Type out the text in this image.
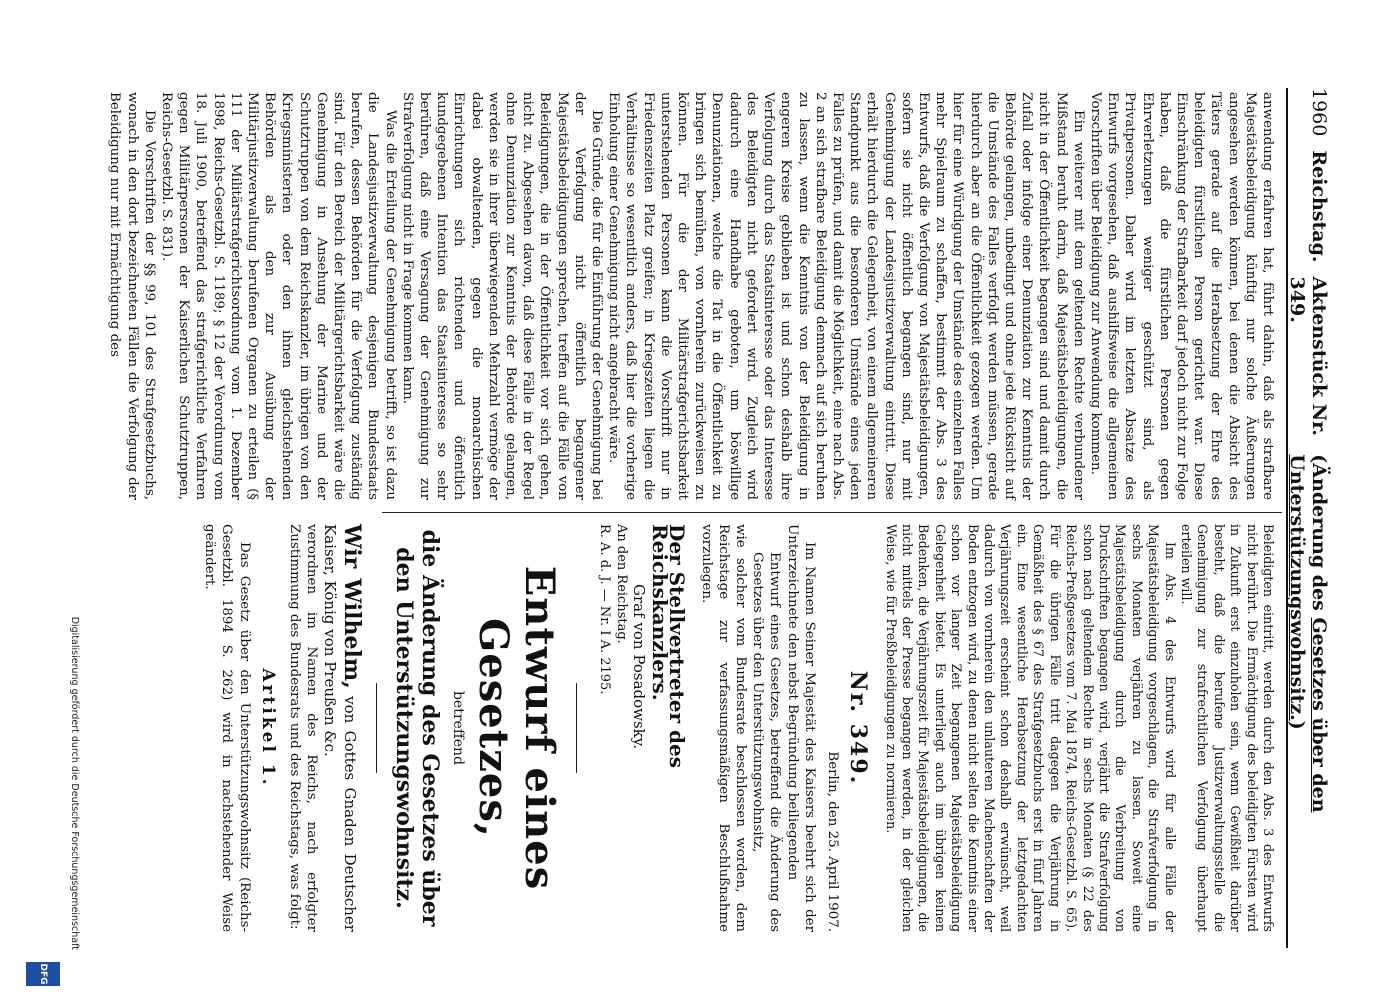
1960
Reichstag.
Aktenstück Nr. 349.
(Änderung des Gesetzes über den Unterstützungswohnsitz.)

anwendung erfahren hat, führt dahin, daß als strafbare Majestätsbeleidigung künftig nur solche Äußerungen angesehen werden können, bei denen die Absicht des Täters gerade auf die Herabsetzung der Ehre des beleidigten fürstlichen Person gerichtet war. Diese Einschränkung der Strafbarkeit darf jedoch nicht zur Folge haben, daß die fürstlichen Personen gegen Ehrverletzungen weniger geschützt sind, als Privatpersonen. Daher wird im letzten Absatze des Entwurfs vorgesehen, daß aushilfsweise die allgemeinen Vorschriften über Beleidigung zur Anwendung kommen.

Ein weiterer mit dem geltenden Rechte verbundener Mißstand beruht darin, daß Majestätsbeleidigungen, die nicht in der Öffentlichkeit begangen sind und damit durch Zufall oder infolge einer Denunziation zur Kenntnis der Behörde gelangen, unbedingt und ohne jede Rücksicht auf die Umstände des Falles verfolgt werden müssen, gerade hierdurch aber an die Öffentlichkeit gezogen werden. Um hier für eine Würdigung der Umstände des einzelnen Falles mehr Spielraum zu schaffen, bestimmt der Abs. 3 des Entwurfs, daß die Verfolgung von Majestätsbeleidigungen, sofern sie nicht öffentlich begangen sind, nur mit Genehmigung der Landesjustizverwaltung eintritt. Diese erhält hierdurch die Gelegenheit, von einem allgemeineren Standpunkt aus die besonderen Umstände eines jeden Falles zu prüfen, und damit die Möglichkeit, eine nach Abs. 2 an sich strafbare Beleidigung demnach auf sich beruhen zu lassen, wenn die Kenntnis von der Beleidigung in engeren Kreise geblieben ist und schon deshalb ihre Verfolgung durch das Staatsinteresse oder das Interesse des Beleidigten nicht gefordert wird. Zugleich wird dadurch eine Handhabe geboten, um böswillige Denunziationen, welche die Tat in die Öffentlichkeit zu bringen sich bemühen, von vornherein zurückweisen zu können. Für die der Militärstrafgerichtsbarkeit unterstehenden Personen kann die Vorschrift nur in Friedenszeiten Platz greifen; in Kriegszeiten liegen die Verhältnisse so wesentlich anders, daß hier die vorherige Einholung einer Genehmigung nicht angebracht wäre.

Die Gründe, die für die Einführung der Genehmigung bei der Verfolgung nicht öffentlich begangener Majestätsbeleidigungen sprechen, treffen auf die Fälle von Beleidigungen, die in der Öffentlichkeit vor sich gehen, nicht zu. Abgesehen davon, daß diese Fälle in der Regel ohne Denunziation zur Kenntnis der Behörde gelangen, werden sie in ihrer überwiegenden Mehrzahl vermöge der dabei obwaltenden, gegen die monarchischen Einrichtungen sich richtenden und öffentlich kundgegebenen Intention das Staatsinteresse so sehr berühren, daß eine Versagung der Genehmigung zur Strafverfolgung nicht in Frage kommen kann.

Was die Erteilung der Genehmigung betrifft, so ist dazu die Landesjustizverwaltung desjenigen Bundesstaats berufen, dessen Behörden für die Verfolgung zuständig sind. Für den Bereich der Militärgerichtsbarkeit wäre die Genehmigung in Ansehung der Marine und der Schutztruppen von dem Reichskanzler, im übrigen von den Kriegsministerien oder den ihnen gleichstehenden Behörden als den zur Ausübung der Militärjustizverwaltung berufenen Organen zu erteilen (§ 111 der Militärstrafgerichtsordnung vom 1. Dezember 1898, Reichs-Gesetzbl. S. 1189; § 12 der Verordnung vom 18. Juli 1900, betreffend das strafgerichtliche Verfahren gegen Militärpersonen der Kaiserlichen Schutztruppen, Reichs-Gesetzbl. S. 831).

Die Vorschriften der §§ 99, 101 des Strafgesetzbuchs, wonach in den dort bezeichneten Fällen die Verfolgung der Beleidigung nur mit Ermächtigung des

Beleidigten eintritt, werden durch den Abs. 3 des Entwurfs nicht berührt. Die Ermächtigung des beleidigten Fürsten wird in Zukunft erst einzuholen sein, wenn Gewißheit darüber besteht, daß die berufene Justizverwaltungsstelle die Genehmigung zur strafrechtlichen Verfolgung überhaupt erteilen will.

Im Abs. 4 des Entwurfs wird für alle Fälle der Majestätsbeleidigung vorgeschlagen, die Strafverfolgung in sechs Monaten verjähren zu lassen. Soweit eine Majestätsbeleidigung durch die Verbreitung von Druckschriften begangen wird, verjährt die Strafverfolgung schon nach geltendem Rechte in sechs Monaten (§ 22 des Reichs-Preßgesetzes vom 7. Mai 1874, Reichs-Gesetzbl. S. 65). Für die übrigen Fälle tritt dagegen die Verjährung in Gemäßheit des § 67 des Strafgesetzbuchs erst in fünf Jahren ein. Eine wesentliche Herabsetzung der letztgedachten Verjährungszeit erscheint schon deshalb erwünscht, weil dadurch von vornherein den unlauteren Machenschaften der Boden entzogen wird, zu denen nicht selten die Kenntnis einer schon vor langer Zeit begangenen Majestätsbeleidigung Gelegenheit bietet. Es unterliegt auch im übrigen keinen Bedenken, die Verjährungszeit für Majestätsbeleidigungen, die nicht mittels der Presse begangen werden, in der gleichen Weise, wie für Preßbeleidigungen zu normieren.

Nr. 349.

Berlin, den 25. April 1907.

Im Namen Seiner Majestät des Kaisers beehrt sich der Unterzeichnete den nebst Begründung beiliegenden

Entwurf eines Gesetzes, betreffend die Änderung des Gesetzes über den Unterstützungswohnsitz,

wie solcher vom Bundesrate beschlossen worden, dem Reichstage zur verfassungsmäßigen Beschlußnahme vorzulegen.

Der Stellvertreter des Reichskanzlers.

Graf von Posadowsky.

An den Reichstag.

R. A. d. J. — Nr. I A. 2195.

Entwurf eines Gesetzes,
betreffend
die Änderung des Gesetzes über den Unterstützungswohnsitz.

Wir Wilhelm, von Gottes Gnaden Deutscher Kaiser, König von Preußen &c.

verordnen im Namen des Reichs, nach erfolgter Zustimmung des Bundesrats und des Reichstags, was folgt:

Artikel 1.

Das Gesetz über den Unterstützungswohnsitz (Reichs-Gesetzbl. 1894 S. 262) wird in nachstehender Weise geändert.

Digitalisierung gefördert durch die Deutsche Forschungsgemeinschaft
DFG
